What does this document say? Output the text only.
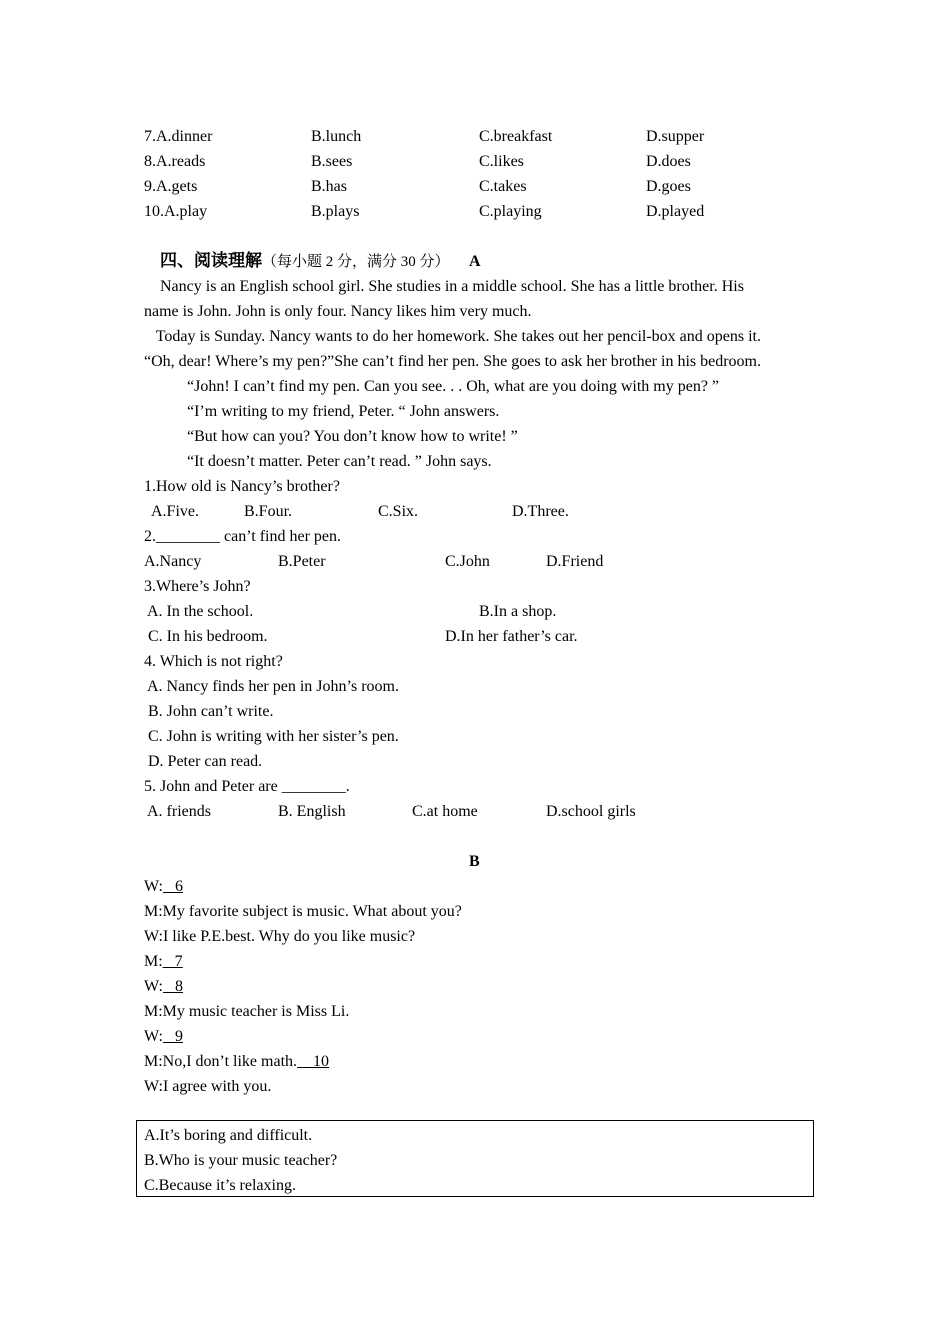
7.A.dinner	B.lunch	C.breakfast	D.supper
8.A.reads	B.sees	C.likes	D.does
9.A.gets	B.has	C.takes	D.goes
10.A.play	B.plays	C.playing	D.played

四、阅读理解（每小题 2 分，满分 30 分）
A
Nancy is an English school girl. She studies in a middle school. She has a little brother. His
name is John. John is only four. Nancy likes him very much.
Today is Sunday. Nancy wants to do her homework. She takes out her pencil-box and opens it.
“Oh, dear! Where’s my pen?”She can’t find her pen. She goes to ask her brother in his bedroom.
“John! I can’t find my pen. Can you see. . . Oh, what are you doing with my pen? ”
“I’m writing to my friend, Peter. “ John answers.
“But how can you? You don’t know how to write! ”
“It doesn’t matter. Peter can’t read. ” John says.
1.How old is Nancy’s brother?
A.Five.	B.Four.	C.Six.	D.Three.
2.________ can’t find her pen.
A.Nancy	B.Peter	C.John	D.Friend
3.Where’s John?
A. In the school.	B.In a shop.
C. In his bedroom.	D.In her father’s car.
4. Which is not right?
A. Nancy finds her pen in John’s room.
B. John can’t write.
C. John is writing with her sister’s pen.
D. Peter can read.
5. John and Peter are ________.
A. friends	B. English	C.at home	D.school girls
B
W:   6
M:My favorite subject is music. What about you?
W:I like P.E.best. Why do you like music?
M:   7
W:   8
M:My music teacher is Miss Li.
W:   9
M:No,I don’t like math.    10
W:I agree with you.
A.It’s boring and difficult.
B.Who is your music teacher?
C.Because it’s relaxing.
